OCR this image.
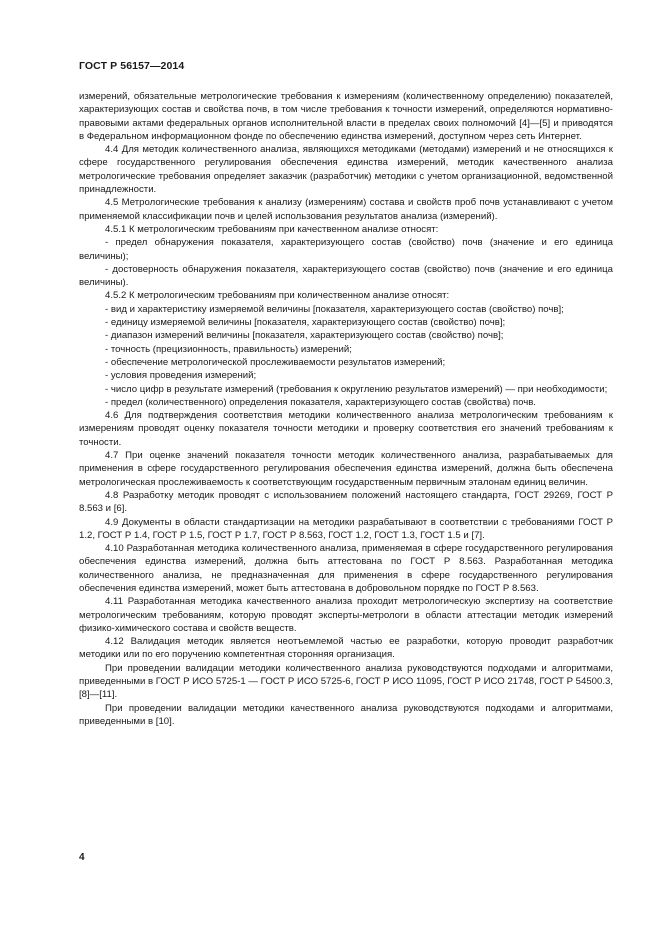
ГОСТ Р 56157—2014

измерений, обязательные метрологические требования к измерениям (количественному определению) показателей, характеризующих состав и свойства почв, в том числе требования к точности измерений, определяются нормативно-правовыми актами федеральных органов исполнительной власти в пределах своих полномочий [4]—[5] и приводятся в Федеральном информационном фонде по обеспечению единства измерений, доступном через сеть Интернет.

4.4 Для методик количественного анализа, являющихся методиками (методами) измерений и не относящихся к сфере государственного регулирования обеспечения единства измерений, методик качественного анализа метрологические требования определяет заказчик (разработчик) методики с учетом организационной, ведомственной принадлежности.

4.5 Метрологические требования к анализу (измерениям) состава и свойств проб почв устанавливают с учетом применяемой классификации почв и целей использования результатов анализа (измерений).

4.5.1 К метрологическим требованиям при качественном анализе относят:

- предел обнаружения показателя, характеризующего состав (свойство) почв (значение и его единица величины);

- достоверность обнаружения показателя, характеризующего состав (свойство) почв (значение и его единица величины).

4.5.2 К метрологическим требованиям при количественном анализе относят:

- вид и характеристику измеряемой величины [показателя, характеризующего состав (свойство) почв];

- единицу измеряемой величины [показателя, характеризующего состав (свойство) почв];

- диапазон измерений величины [показателя, характеризующего состав (свойство) почв];

- точность (прецизионность, правильность) измерений;

- обеспечение метрологической прослеживаемости результатов измерений;

- условия проведения измерений;

- число цифр в результате измерений (требования к округлению результатов измерений) — при необходимости;

- предел (количественного) определения показателя, характеризующего состав (свойства) почв.

4.6 Для подтверждения соответствия методики количественного анализа метрологическим требованиям к измерениям проводят оценку показателя точности методики и проверку соответствия его значений требованиям к точности.

4.7 При оценке значений показателя точности методик количественного анализа, разрабатываемых для применения в сфере государственного регулирования обеспечения единства измерений, должна быть обеспечена метрологическая прослеживаемость к соответствующим государственным первичным эталонам единиц величин.

4.8 Разработку методик проводят с использованием положений настоящего стандарта, ГОСТ 29269, ГОСТ Р 8.563 и [6].

4.9 Документы в области стандартизации на методики разрабатывают в соответствии с требованиями ГОСТ Р 1.2, ГОСТ Р 1.4, ГОСТ Р 1.5, ГОСТ Р 1.7, ГОСТ Р 8.563, ГОСТ 1.2, ГОСТ 1.3, ГОСТ 1.5 и [7].

4.10 Разработанная методика количественного анализа, применяемая в сфере государственного регулирования обеспечения единства измерений, должна быть аттестована по ГОСТ Р 8.563. Разработанная методика количественного анализа, не предназначенная для применения в сфере государственного регулирования обеспечения единства измерений, может быть аттестована в добровольном порядке по ГОСТ Р 8.563.

4.11 Разработанная методика качественного анализа проходит метрологическую экспертизу на соответствие метрологическим требованиям, которую проводят эксперты-метрологи в области аттестации методик измерений физико-химического состава и свойств веществ.

4.12 Валидация методик является неотъемлемой частью ее разработки, которую проводит разработчик методики или по его поручению компетентная сторонняя организация.

При проведении валидации методики количественного анализа руководствуются подходами и алгоритмами, приведенными в ГОСТ Р ИСО 5725-1 — ГОСТ Р ИСО 5725-6, ГОСТ Р ИСО 11095, ГОСТ Р ИСО 21748, ГОСТ Р 54500.3, [8]—[11].

При проведении валидации методики качественного анализа руководствуются подходами и алгоритмами, приведенными в [10].

4
